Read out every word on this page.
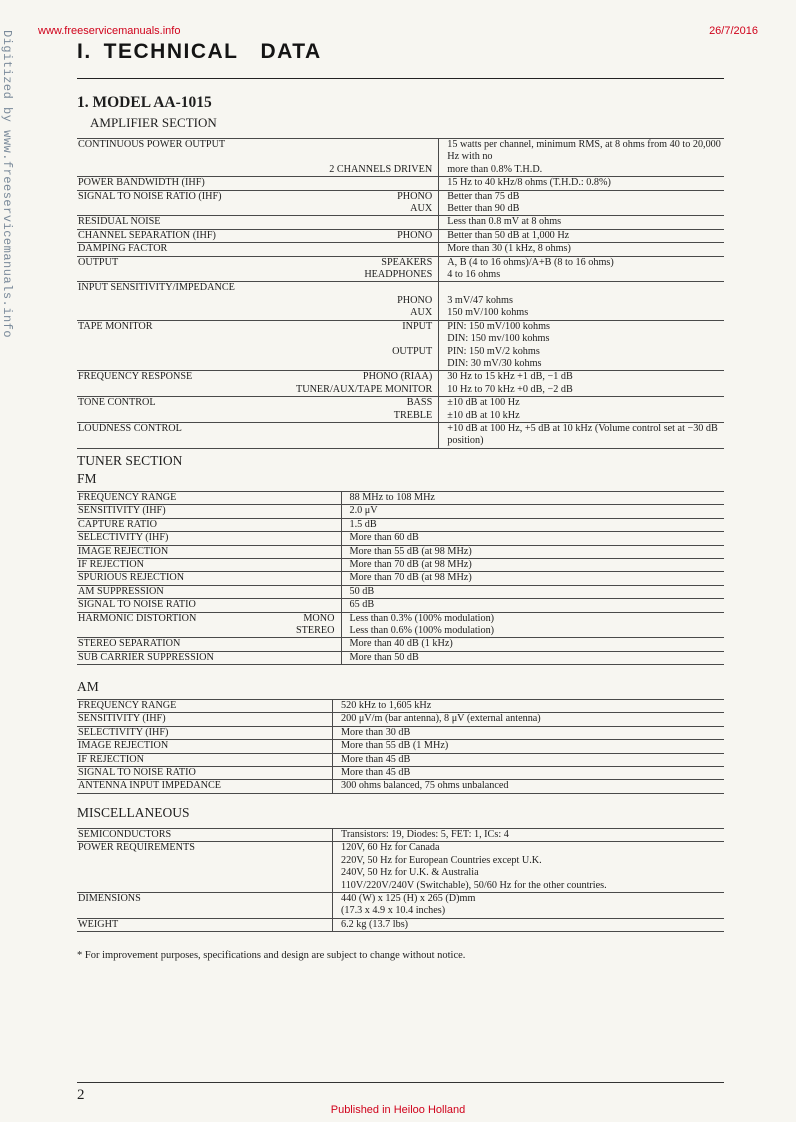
www.freeservicemanuals.info	26/7/2016
Digitized by www.freeservicemanuals.info	I. TECHNICAL DATA
1. MODEL AA-1015
AMPLIFIER SECTION
CONTINUOUS POWER OUTPUT		15 watts per channel, minimum RMS, at 8 ohms from 40 to 20,000 Hz with no
	2 CHANNELS DRIVEN	more than 0.8% T.H.D.
POWER BANDWIDTH (IHF)		15 Hz to 40 kHz/8 ohms (T.H.D.: 0.8%)
SIGNAL TO NOISE RATIO (IHF)	PHONO	Better than 75 dB
	AUX	Better than 90 dB
RESIDUAL NOISE		Less than 0.8 mV at 8 ohms
CHANNEL SEPARATION (IHF)	PHONO	Better than 50 dB at 1,000 Hz
DAMPING FACTOR		More than 30 (1 kHz, 8 ohms)
OUTPUT	SPEAKERS	A, B (4 to 16 ohms)/A+B (8 to 16 ohms)
	HEADPHONES	4 to 16 ohms
INPUT SENSITIVITY/IMPEDANCE		
	PHONO	3 mV/47 kohms
	AUX	150 mV/100 kohms
TAPE MONITOR	INPUT	PIN: 150 mV/100 kohms
		DIN: 150 mv/100 kohms
	OUTPUT	PIN: 150 mV/2 kohms
		DIN: 30 mV/30 kohms
FREQUENCY RESPONSE	PHONO (RIAA)	30 Hz to 15 kHz +1 dB, −1 dB
	TUNER/AUX/TAPE MONITOR	10 Hz to 70 kHz +0 dB, −2 dB
TONE CONTROL	BASS	±10 dB at 100 Hz
	TREBLE	±10 dB at 10 kHz
LOUDNESS CONTROL		+10 dB at 100 Hz, +5 dB at 10 kHz (Volume control set at −30 dB position)
TUNER SECTION
FM
FREQUENCY RANGE		88 MHz to 108 MHz
SENSITIVITY (IHF)		2.0 μV
CAPTURE RATIO		1.5 dB
SELECTIVITY (IHF)		More than 60 dB
IMAGE REJECTION		More than 55 dB (at 98 MHz)
IF REJECTION		More than 70 dB (at 98 MHz)
SPURIOUS REJECTION		More than 70 dB (at 98 MHz)
AM SUPPRESSION		50 dB
SIGNAL TO NOISE RATIO		65 dB
HARMONIC DISTORTION	MONO	Less than 0.3% (100% modulation)
	STEREO	Less than 0.6% (100% modulation)
STEREO SEPARATION		More than 40 dB (1 kHz)
SUB CARRIER SUPPRESSION		More than 50 dB
AM
FREQUENCY RANGE		520 kHz to 1,605 kHz
SENSITIVITY (IHF)		200 μV/m (bar antenna), 8 μV (external antenna)
SELECTIVITY (IHF)		More than 30 dB
IMAGE REJECTION		More than 55 dB (1 MHz)
IF REJECTION		More than 45 dB
SIGNAL TO NOISE RATIO		More than 45 dB
ANTENNA INPUT IMPEDANCE		300 ohms balanced, 75 ohms unbalanced
MISCELLANEOUS
SEMICONDUCTORS		Transistors: 19, Diodes: 5, FET: 1, ICs: 4
POWER REQUIREMENTS		120V, 60 Hz for Canada
		220V, 50 Hz for European Countries except U.K.
		240V, 50 Hz for U.K. & Australia
		110V/220V/240V (Switchable), 50/60 Hz for the other countries.
DIMENSIONS		440 (W) x 125 (H) x 265 (D)mm
		(17.3 x 4.9 x 10.4 inches)
WEIGHT		6.2 kg (13.7 lbs)
* For improvement purposes, specifications and design are subject to change without notice.
2
Published in Heiloo Holland
